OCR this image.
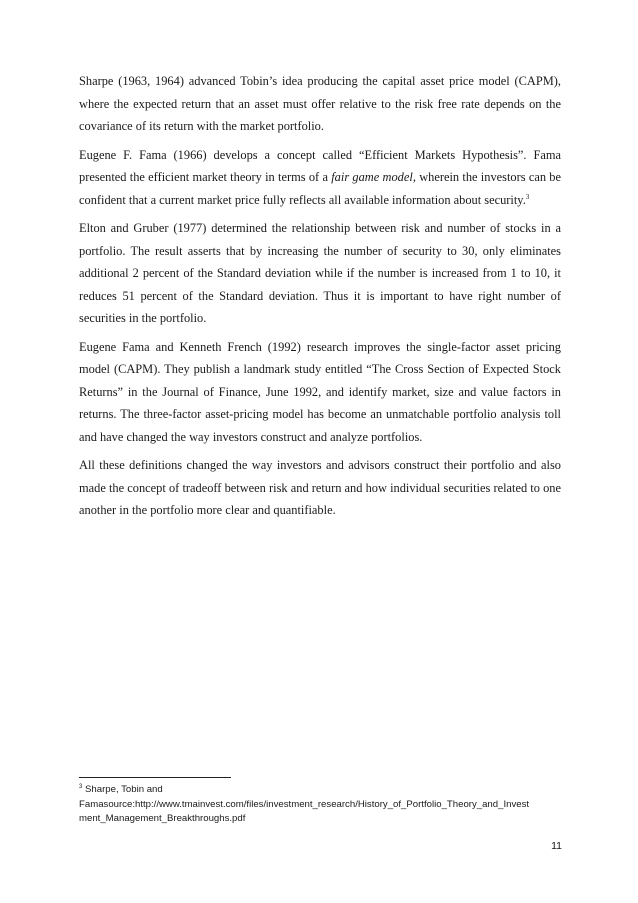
Sharpe (1963, 1964) advanced Tobin’s idea producing the capital asset price model (CAPM), where the expected return that an asset must offer relative to the risk free rate depends on the covariance of its return with the market portfolio.

Eugene F. Fama (1966) develops a concept called “Efficient Markets Hypothesis”. Fama presented the efficient market theory in terms of a fair game model, wherein the investors can be confident that a current market price fully reflects all available information about security.$^3$

Elton and Gruber (1977) determined the relationship between risk and number of stocks in a portfolio. The result asserts that by increasing the number of security to 30, only eliminates additional 2 percent of the Standard deviation while if the number is increased from 1 to 10, it reduces 51 percent of the Standard deviation. Thus it is important to have right number of securities in the portfolio.

Eugene Fama and Kenneth French (1992) research improves the single-factor asset pricing model (CAPM). They publish a landmark study entitled “The Cross Section of Expected Stock Returns” in the Journal of Finance, June 1992, and identify market, size and value factors in returns. The three-factor asset-pricing model has become an unmatchable portfolio analysis toll and have changed the way investors construct and analyze portfolios.

All these definitions changed the way investors and advisors construct their portfolio and also made the concept of tradeoff between risk and return and how individual securities related to one another in the portfolio more clear and quantifiable.

$^3$ Sharpe, Tobin and
Famasource:http://www.tmainvest.com/files/investment_research/History_of_Portfolio_Theory_and_Invest
ment_Management_Breakthroughs.pdf
11
